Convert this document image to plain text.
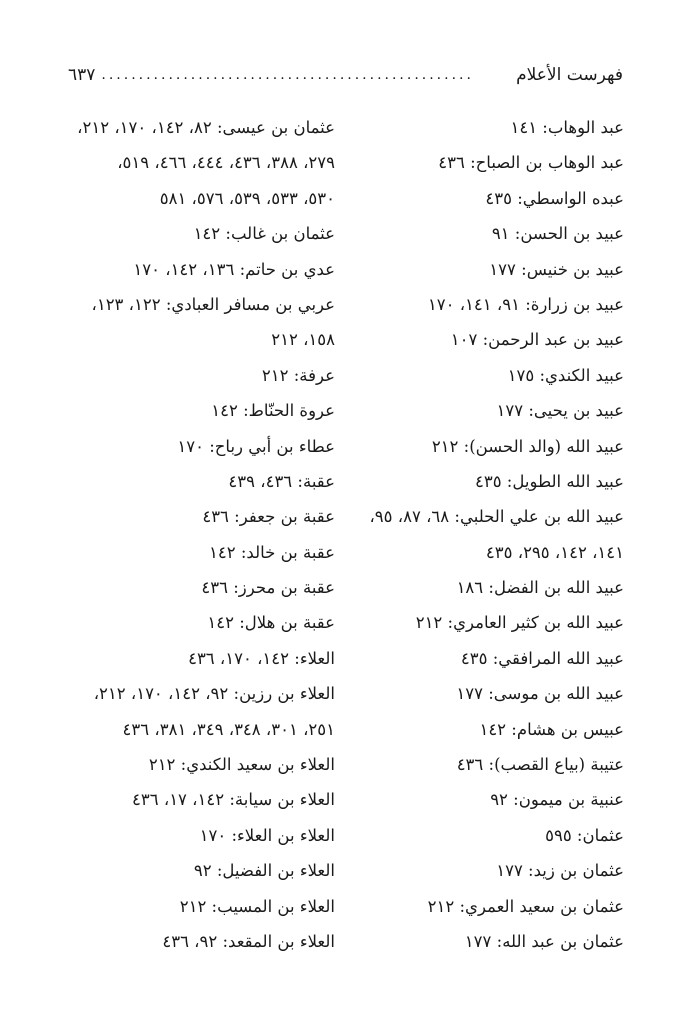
فهرست الأعلام
..................................................
٦٣٧
عبد الوهاب: ١٤١
عبد الوهاب بن الصباح: ٤٣٦
عبده الواسطي: ٤٣٥
عبيد بن الحسن: ٩١
عبيد بن خنيس: ١٧٧
عبيد بن زرارة: ٩١، ١٤١، ١٧٠
عبيد بن عبد الرحمن: ١٠٧
عبيد الكندي: ١٧٥
عبيد بن يحيى: ١٧٧
عبيد الله (والد الحسن): ٢١٢
عبيد الله الطويل: ٤٣٥
عبيد الله بن علي الحلبي: ٦٨، ٨٧، ٩٥،
١٤١، ١٤٢، ٢٩٥، ٤٣٥
عبيد الله بن الفضل: ١٨٦
عبيد الله بن كثير العامري: ٢١٢
عبيد الله المرافقي: ٤٣٥
عبيد الله بن موسى: ١٧٧
عبيس بن هشام: ١٤٢
عتيبة (بياع القصب): ٤٣٦
عنبية بن ميمون: ٩٢
عثمان: ٥٩٥
عثمان بن زيد: ١٧٧
عثمان بن سعيد العمري: ٢١٢
عثمان بن عبد الله: ١٧٧
عثمان بن عيسى: ٨٢، ١٤٢، ١٧٠، ٢١٢،
٢٧٩، ٣٨٨، ٤٣٦، ٤٤٤، ٤٦٦، ٥١٩،
٥٣٠، ٥٣٣، ٥٣٩، ٥٧٦، ٥٨١
عثمان بن غالب: ١٤٢
عدي بن حاتم: ١٣٦، ١٤٢، ١٧٠
عربي بن مسافر العبادي: ١٢٢، ١٢٣،
١٥٨، ٢١٢
عرفة: ٢١٢
عروة الحنّاط: ١٤٢
عطاء بن أبي رباح: ١٧٠
عقبة: ٤٣٦، ٤٣٩
عقبة بن جعفر: ٤٣٦
عقبة بن خالد: ١٤٢
عقبة بن محرز: ٤٣٦
عقبة بن هلال: ١٤٢
العلاء: ١٤٢، ١٧٠، ٤٣٦
العلاء بن رزين: ٩٢، ١٤٢، ١٧٠، ٢١٢،
٢٥١، ٣٠١، ٣٤٨، ٣٤٩، ٣٨١، ٤٣٦
العلاء بن سعيد الكندي: ٢١٢
العلاء بن سيابة: ١٤٢، ١٧، ٤٣٦
العلاء بن العلاء: ١٧٠
العلاء بن الفضيل: ٩٢
العلاء بن المسيب: ٢١٢
العلاء بن المقعد: ٩٢، ٤٣٦
